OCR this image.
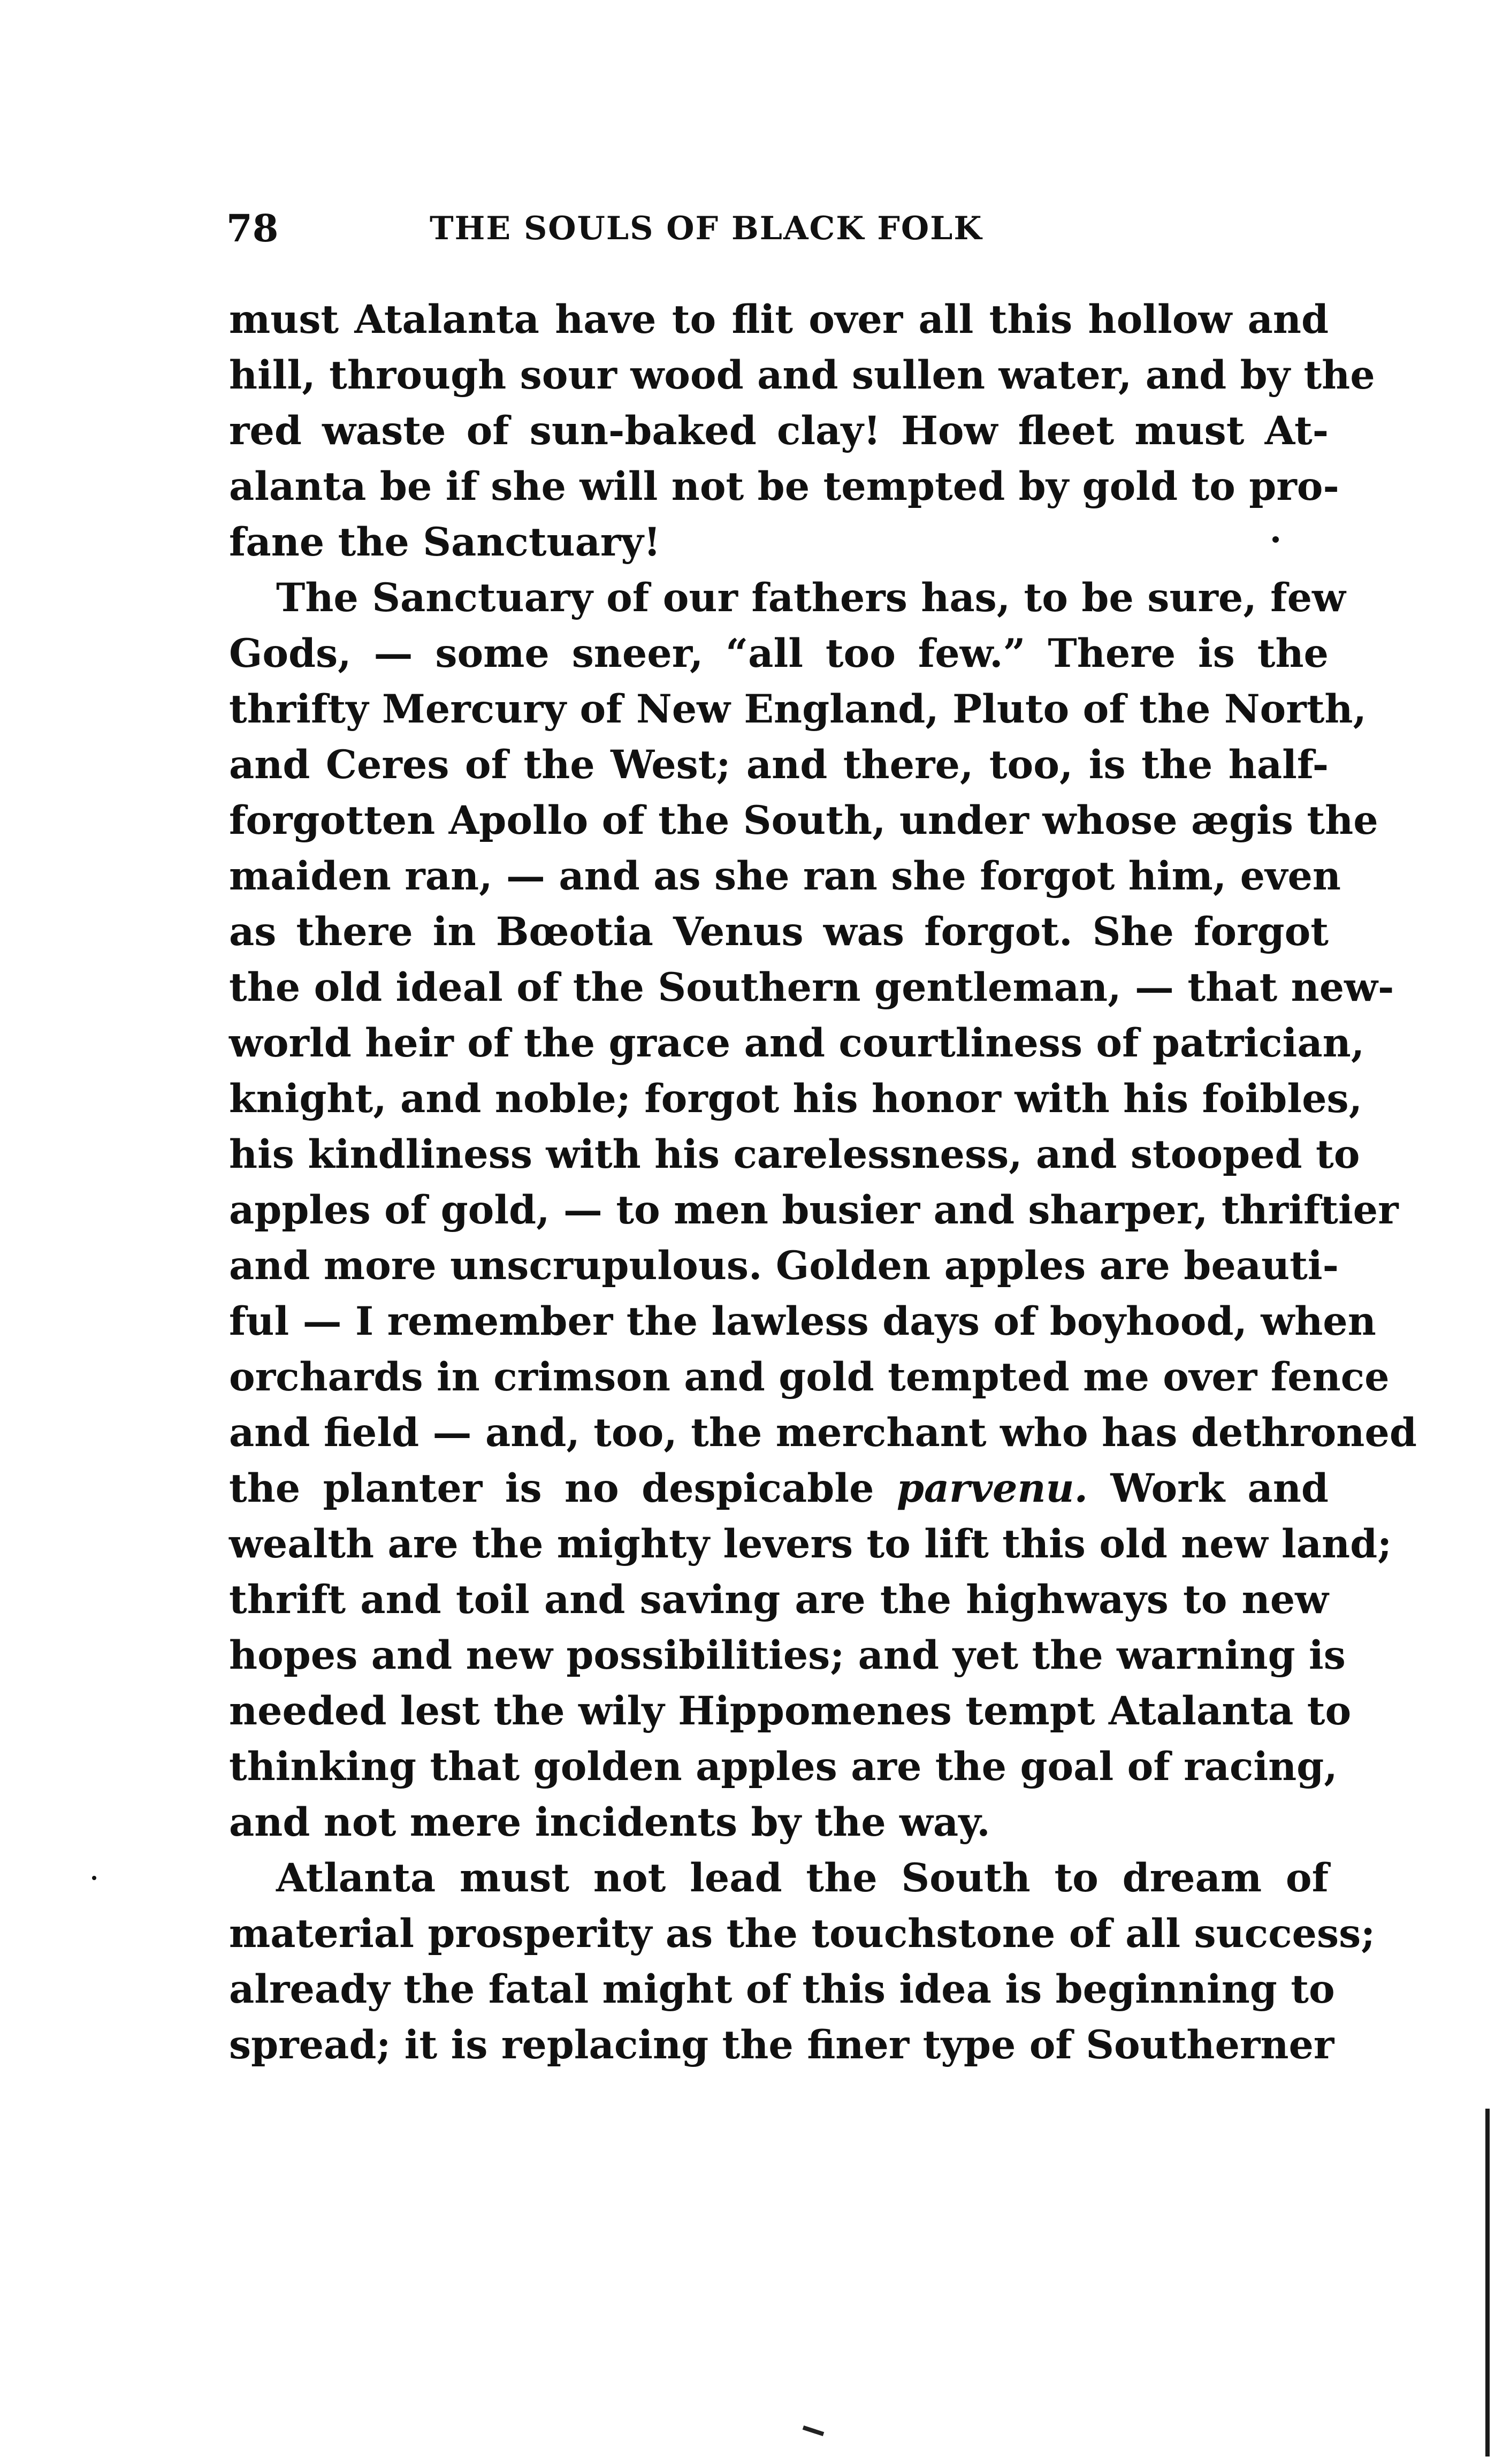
78	THE SOULS OF BLACK FOLK
must Atalanta have to flit over all this hollow and
hill, through sour wood and sullen water, and by the
red waste of sun-baked clay! How fleet must At-
alanta be if she will not be tempted by gold to pro-
fane the Sanctuary!
The Sanctuary of our fathers has, to be sure, few
Gods, — some sneer, “all too few.” There is the
thrifty Mercury of New England, Pluto of the North,
and Ceres of the West; and there, too, is the half-
forgotten Apollo of the South, under whose ægis the
maiden ran, — and as she ran she forgot him, even
as there in Bœotia Venus was forgot. She forgot
the old ideal of the Southern gentleman, — that new-
world heir of the grace and courtliness of patrician,
knight, and noble; forgot his honor with his foibles,
his kindliness with his carelessness, and stooped to
apples of gold, — to men busier and sharper, thriftier
and more unscrupulous. Golden apples are beauti-
ful — I remember the lawless days of boyhood, when
orchards in crimson and gold tempted me over fence
and field — and, too, the merchant who has dethroned
the planter is no despicable parvenu. Work and
wealth are the mighty levers to lift this old new land;
thrift and toil and saving are the highways to new
hopes and new possibilities; and yet the warning is
needed lest the wily Hippomenes tempt Atalanta to
thinking that golden apples are the goal of racing,
and not mere incidents by the way.
Atlanta must not lead the South to dream of
material prosperity as the touchstone of all success;
already the fatal might of this idea is beginning to
spread; it is replacing the finer type of Southerner
